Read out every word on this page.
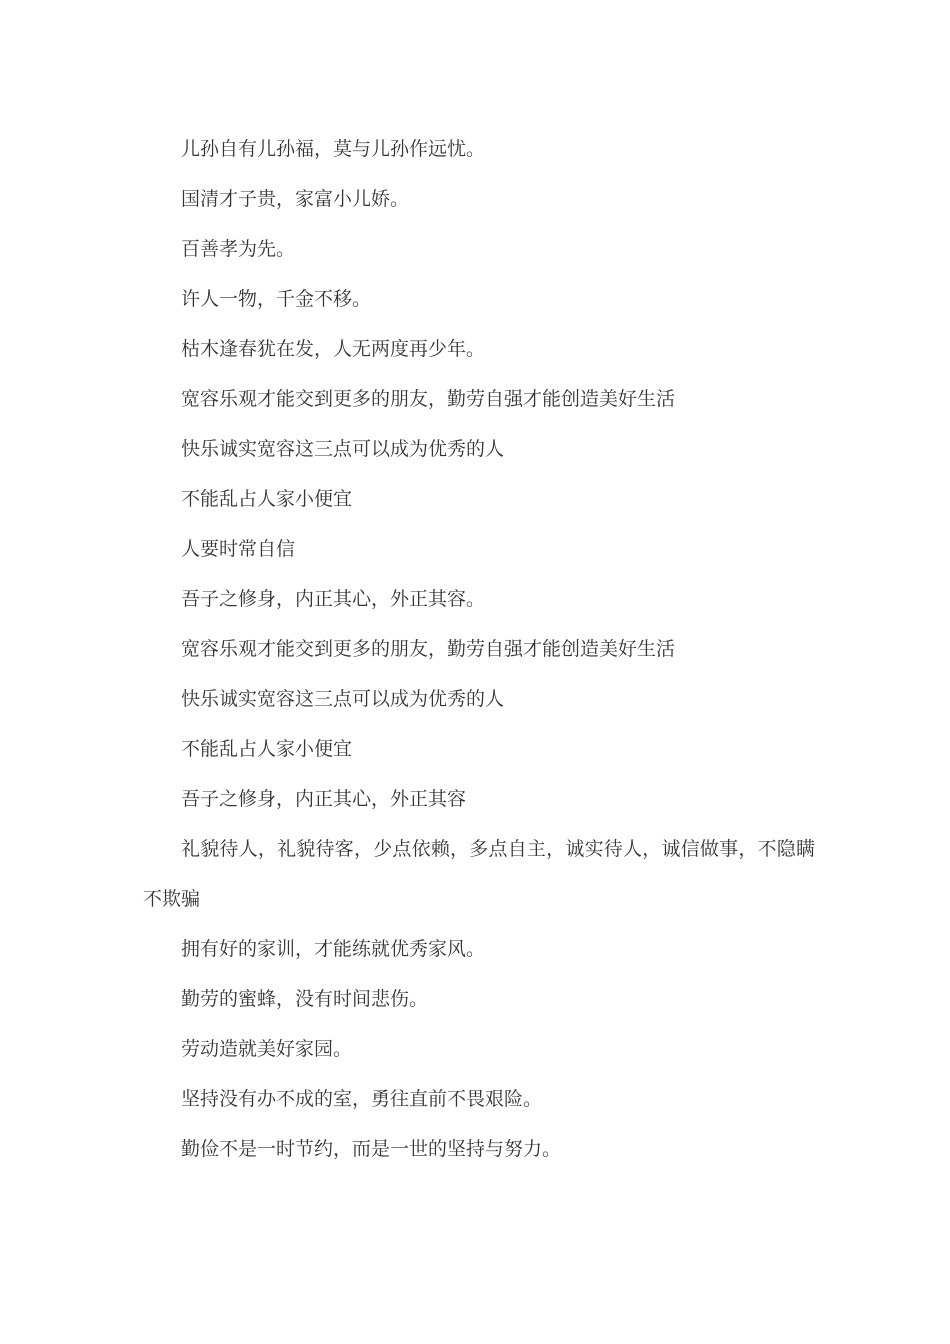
儿孙自有儿孙福，莫与儿孙作远忧。

国清才子贵，家富小儿娇。

百善孝为先。

许人一物，千金不移。

枯木逢春犹在发，人无两度再少年。

宽容乐观才能交到更多的朋友，勤劳自强才能创造美好生活

快乐诚实宽容这三点可以成为优秀的人

不能乱占人家小便宜

人要时常自信

吾子之修身，内正其心，外正其容。

宽容乐观才能交到更多的朋友，勤劳自强才能创造美好生活

快乐诚实宽容这三点可以成为优秀的人

不能乱占人家小便宜

吾子之修身，内正其心，外正其容

礼貌待人，礼貌待客，少点依赖，多点自主，诚实待人，诚信做事，不隐瞒不欺骗

拥有好的家训，才能练就优秀家风。

勤劳的蜜蜂，没有时间悲伤。

劳动造就美好家园。

坚持没有办不成的室，勇往直前不畏艰险。

勤俭不是一时节约，而是一世的坚持与努力。
